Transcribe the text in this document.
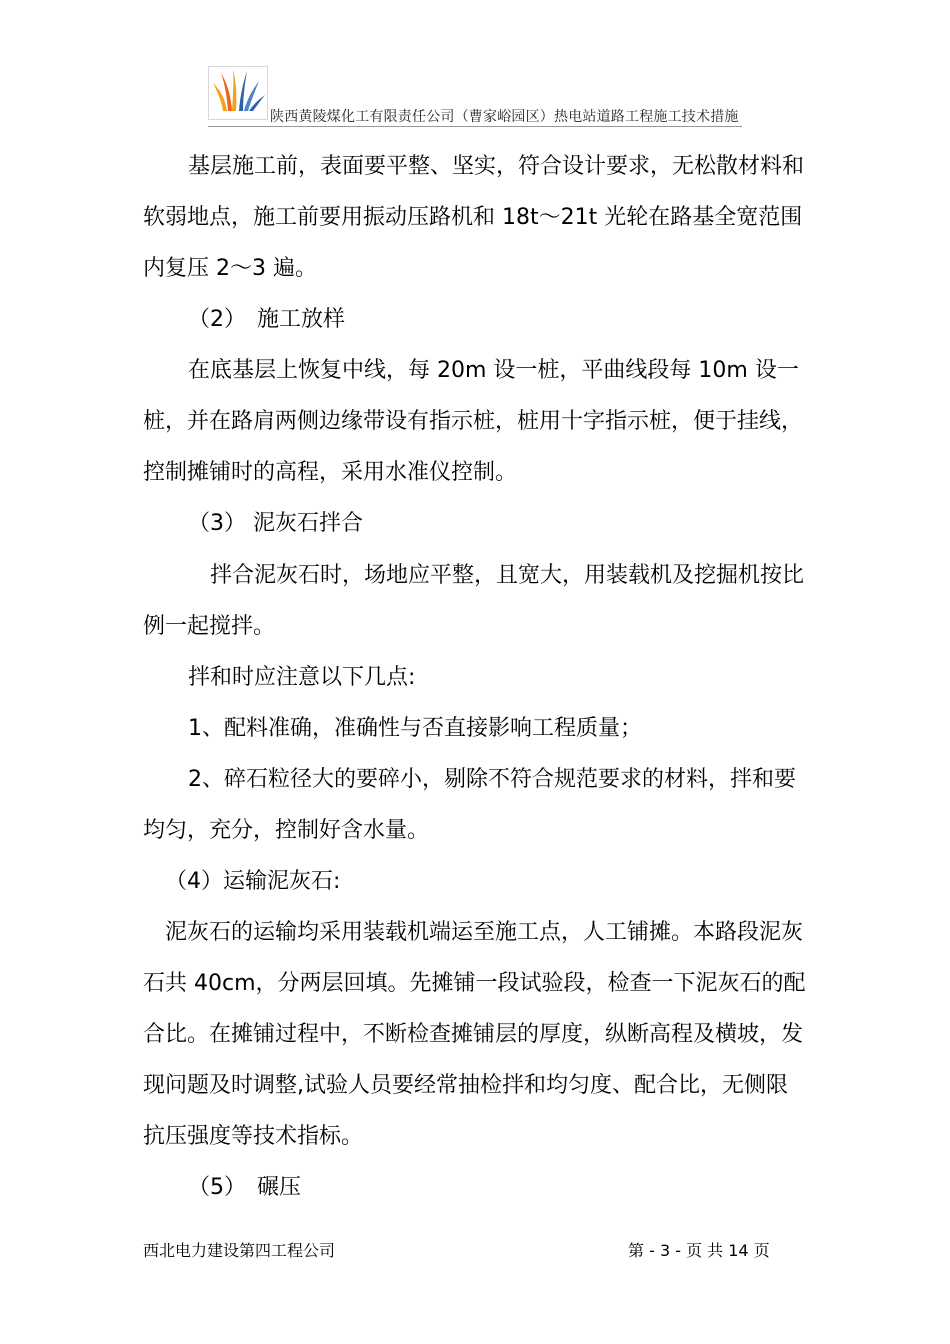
陕西黄陵煤化工有限责任公司（曹家峪园区）热电站道路工程施工技术措施
基层施工前，表面要平整、坚实，符合设计要求，无松散材料和
软弱地点，施工前要用振动压路机和 18t～21t 光轮在路基全宽范围
内复压 2～3 遍。
（2）　施工放样
在底基层上恢复中线，每 20m 设一桩，平曲线段每 10m 设一
桩，并在路肩两侧边缘带设有指示桩，桩用十字指示桩，便于挂线，
控制摊铺时的高程，采用水准仪控制。
（3） 泥灰石拌合
拌合泥灰石时，场地应平整，且宽大，用装载机及挖掘机按比
例一起搅拌。
拌和时应注意以下几点:
1、配料准确，准确性与否直接影响工程质量；
2、碎石粒径大的要碎小，剔除不符合规范要求的材料，拌和要
均匀，充分，控制好含水量。
（4）运输泥灰石:
泥灰石的运输均采用装载机端运至施工点，人工铺摊。本路段泥灰
石共 40cm，分两层回填。先摊铺一段试验段，检查一下泥灰石的配
合比。在摊铺过程中，不断检查摊铺层的厚度，纵断高程及横坡，发
现问题及时调整,试验人员要经常抽检拌和均匀度、配合比，无侧限
抗压强度等技术指标。
（5）　碾压
西北电力建设第四工程公司	第 - 3 - 页 共 14 页
